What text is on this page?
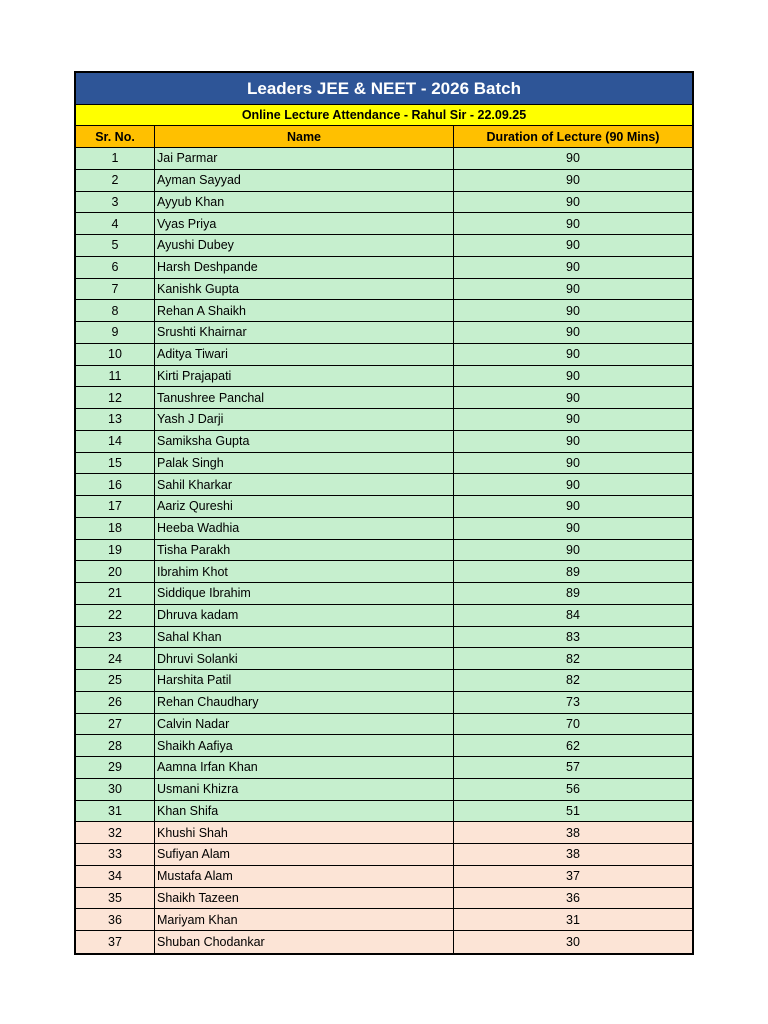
Leaders JEE & NEET - 2026 Batch
Online Lecture Attendance - Rahul Sir - 22.09.25
Sr. No.	Name	Duration of Lecture (90 Mins)
1	Jai Parmar	90
2	Ayman Sayyad	90
3	Ayyub Khan	90
4	Vyas Priya	90
5	Ayushi Dubey	90
6	Harsh Deshpande	90
7	Kanishk Gupta	90
8	Rehan A Shaikh	90
9	Srushti Khairnar	90
10	Aditya Tiwari	90
11	Kirti Prajapati	90
12	Tanushree Panchal	90
13	Yash J Darji	90
14	Samiksha Gupta	90
15	Palak Singh	90
16	Sahil Kharkar	90
17	Aariz Qureshi	90
18	Heeba Wadhia	90
19	Tisha Parakh	90
20	Ibrahim Khot	89
21	Siddique Ibrahim	89
22	Dhruva kadam	84
23	Sahal Khan	83
24	Dhruvi Solanki	82
25	Harshita Patil	82
26	Rehan Chaudhary	73
27	Calvin Nadar	70
28	Shaikh Aafiya	62
29	Aamna Irfan Khan	57
30	Usmani Khizra	56
31	Khan Shifa	51
32	Khushi Shah	38
33	Sufiyan Alam	38
34	Mustafa Alam	37
35	Shaikh Tazeen	36
36	Mariyam Khan	31
37	Shuban Chodankar	30
